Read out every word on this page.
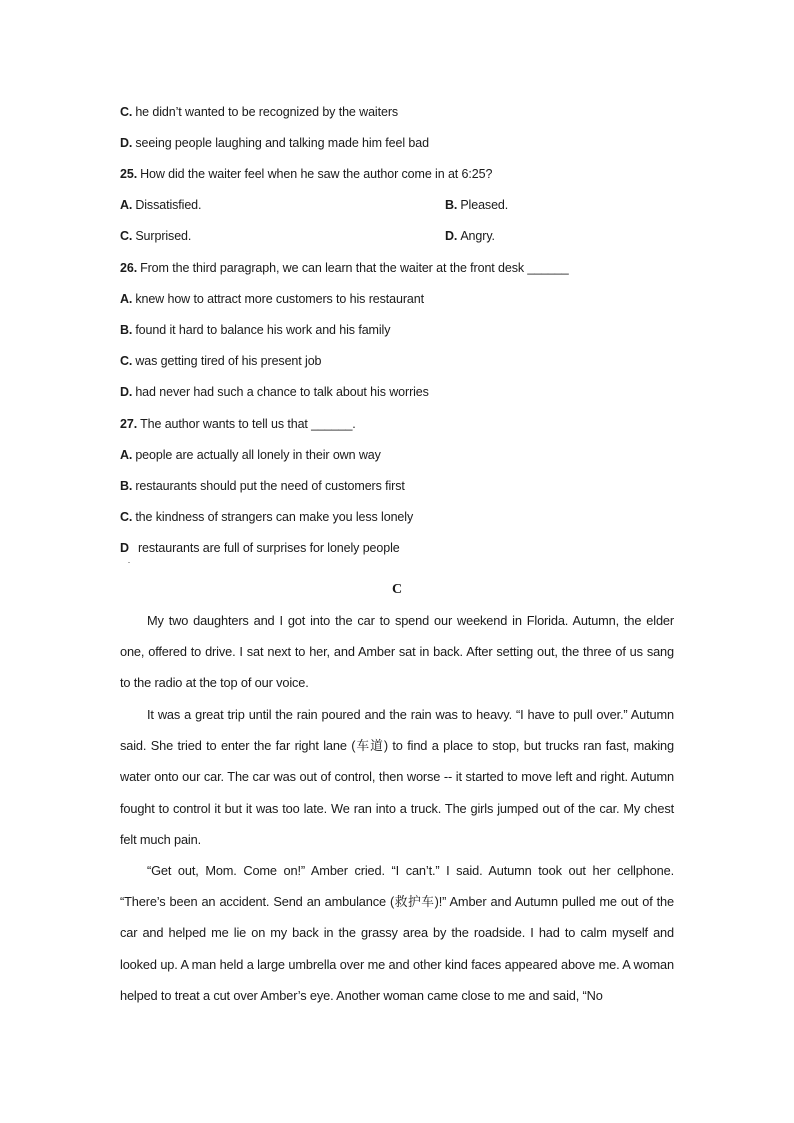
C. he didn’t wanted to be recognized by the waiters
D. seeing people laughing and talking made him feel bad
25. How did the waiter feel when he saw the author come in at 6:25?
A. Dissatisfied.	B. Pleased.
C. Surprised.	D. Angry.
26. From the third paragraph, we can learn that the waiter at the front desk ______
A. knew how to attract more customers to his restaurant
B. found it hard to balance his work and his family
C. was getting tired of his present job
D. had never had such a chance to talk about his worries
27. The author wants to tell us that ______.
A. people are actually all lonely in their own way
B. restaurants should put the need of customers first
C. the kindness of strangers can make you less lonely
D restaurants are full of surprises for lonely people
.
C
My two daughters and I got into the car to spend our weekend in Florida. Autumn, the elder one, offered to drive. I sat next to her, and Amber sat in back. After setting out, the three of us sang to the radio at the top of our voice.
It was a great trip until the rain poured and the rain was to heavy. “I have to pull over.” Autumn said. She tried to enter the far right lane (车道) to find a place to stop, but trucks ran fast, making water onto our car. The car was out of control, then worse -- it started to move left and right. Autumn fought to control it but it was too late. We ran into a truck. The girls jumped out of the car. My chest felt much pain.
“Get out, Mom. Come on!” Amber cried. “I can’t.” I said. Autumn took out her cellphone. “There’s been an accident. Send an ambulance (救护车)!” Amber and Autumn pulled me out of the car and helped me lie on my back in the grassy area by the roadside. I had to calm myself and looked up. A man held a large umbrella over me and other kind faces appeared above me. A woman helped to treat a cut over Amber’s eye. Another woman came close to me and said, “No
